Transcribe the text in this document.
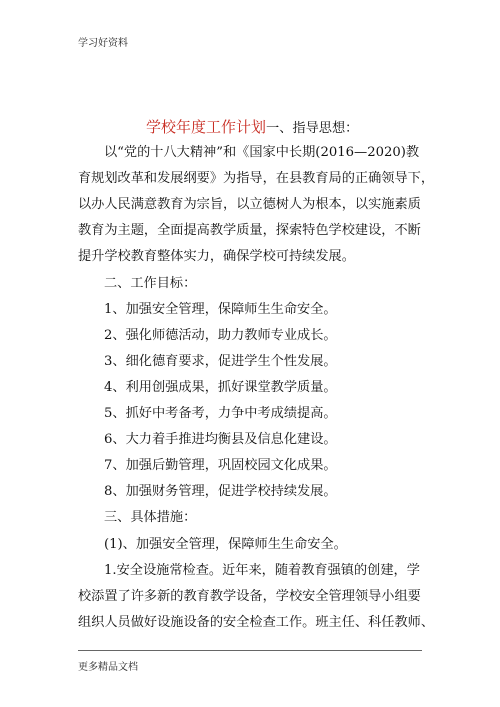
学习好资料
学校年度工作计划一、指导思想：
以“党的十八大精神”和《国家中长期(2016—2020)教
育规划改革和发展纲要》为指导，在县教育局的正确领导下，
以办人民满意教育为宗旨，以立德树人为根本，以实施素质
教育为主题，全面提高教学质量，探索特色学校建设，不断
提升学校教育整体实力，确保学校可持续发展。
二、工作目标：
1、加强安全管理，保障师生生命安全。
2、强化师德活动，助力教师专业成长。
3、细化德育要求，促进学生个性发展。
4、利用创强成果，抓好课堂教学质量。
5、抓好中考备考，力争中考成绩提高。
6、大力着手推进均衡县及信息化建设。
7、加强后勤管理，巩固校园文化成果。
8、加强财务管理，促进学校持续发展。
三、具体措施：
(1)、加强安全管理，保障师生生命安全。
1.安全设施常检查。近年来，随着教育强镇的创建，学
校添置了许多新的教育教学设备，学校安全管理领导小组要
组织人员做好设施设备的安全检查工作。班主任、科任教师、
更多精品文档
